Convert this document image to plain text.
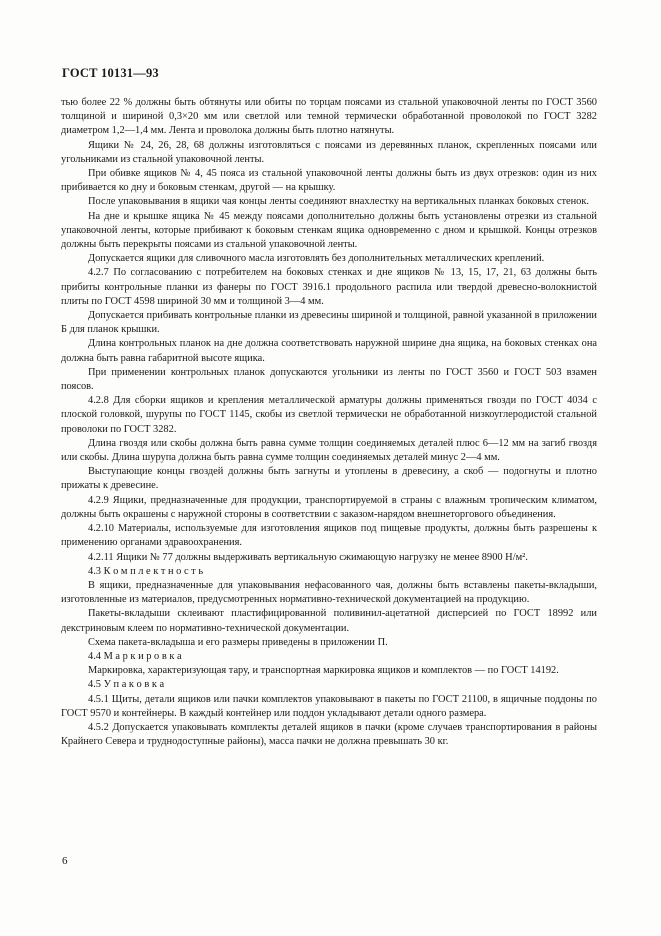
ГОСТ 10131—93

тью более 22 % должны быть обтянуты или обиты по торцам поясами из стальной упаковочной ленты по ГОСТ 3560 толщиной и шириной 0,3×20 мм или светлой или темной термически обработанной проволокой по ГОСТ 3282 диаметром 1,2—1,4 мм. Лента и проволока должны быть плотно натянуты.

Ящики № 24, 26, 28, 68 должны изготовляться с поясами из деревянных планок, скрепленных поясами или угольниками из стальной упаковочной ленты.

При обивке ящиков № 4, 45 пояса из стальной упаковочной ленты должны быть из двух отрезков: один из них прибивается ко дну и боковым стенкам, другой — на крышку.

После упаковывания в ящики чая концы ленты соединяют внахлестку на вертикальных планках боковых стенок.

На дне и крышке ящика № 45 между поясами дополнительно должны быть установлены отрезки из стальной упаковочной ленты, которые прибивают к боковым стенкам ящика одновременно с дном и крышкой. Концы отрезков должны быть перекрыты поясами из стальной упаковочной ленты.

Допускается ящики для сливочного масла изготовлять без дополнительных металлических креплений.

4.2.7 По согласованию с потребителем на боковых стенках и дне ящиков № 13, 15, 17, 21, 63 должны быть прибиты контрольные планки из фанеры по ГОСТ 3916.1 продольного распила или твердой древесно-волокнистой плиты по ГОСТ 4598 шириной 30 мм и толщиной 3—4 мм.

Допускается прибивать контрольные планки из древесины шириной и толщиной, равной указанной в приложении Б для планок крышки.

Длина контрольных планок на дне должна соответствовать наружной ширине дна ящика, на боковых стенках она должна быть равна габаритной высоте ящика.

При применении контрольных планок допускаются угольники из ленты по ГОСТ 3560 и ГОСТ 503 взамен поясов.

4.2.8 Для сборки ящиков и крепления металлической арматуры должны применяться гвозди по ГОСТ 4034 с плоской головкой, шурупы по ГОСТ 1145, скобы из светлой термически не обработанной низкоуглеродистой стальной проволоки по ГОСТ 3282.

Длина гвоздя или скобы должна быть равна сумме толщин соединяемых деталей плюс 6—12 мм на загиб гвоздя или скобы. Длина шурупа должна быть равна сумме толщин соединяемых деталей минус 2—4 мм.

Выступающие концы гвоздей должны быть загнуты и утоплены в древесину, а скоб — подогнуты и плотно прижаты к древесине.

4.2.9 Ящики, предназначенные для продукции, транспортируемой в страны с влажным тропическим климатом, должны быть окрашены с наружной стороны в соответствии с заказом-нарядом внешнеторгового объединения.

4.2.10 Материалы, используемые для изготовления ящиков под пищевые продукты, должны быть разрешены к применению органами здравоохранения.

4.2.11 Ящики № 77 должны выдерживать вертикальную сжимающую нагрузку не менее 8900 Н/м².

4.3 К о м п л е к т н о с т ь

В ящики, предназначенные для упаковывания нефасованного чая, должны быть вставлены пакеты-вкладыши, изготовленные из материалов, предусмотренных нормативно-технической документацией на продукцию.

Пакеты-вкладыши склеивают пластифицированной поливинил-ацетатной дисперсией по ГОСТ 18992 или декстриновым клеем по нормативно-технической документации.

Схема пакета-вкладыша и его размеры приведены в приложении П.

4.4 М а р к и р о в к а

Маркировка, характеризующая тару, и транспортная маркировка ящиков и комплектов — по ГОСТ 14192.

4.5 У п а к о в к а

4.5.1 Щиты, детали ящиков или пачки комплектов упаковывают в пакеты по ГОСТ 21100, в ящичные поддоны по ГОСТ 9570 и контейнеры. В каждый контейнер или поддон укладывают детали одного размера.

4.5.2 Допускается упаковывать комплекты деталей ящиков в пачки (кроме случаев транспортирования в районы Крайнего Севера и труднодоступные районы), масса пачки не должна превышать 30 кг.

6
